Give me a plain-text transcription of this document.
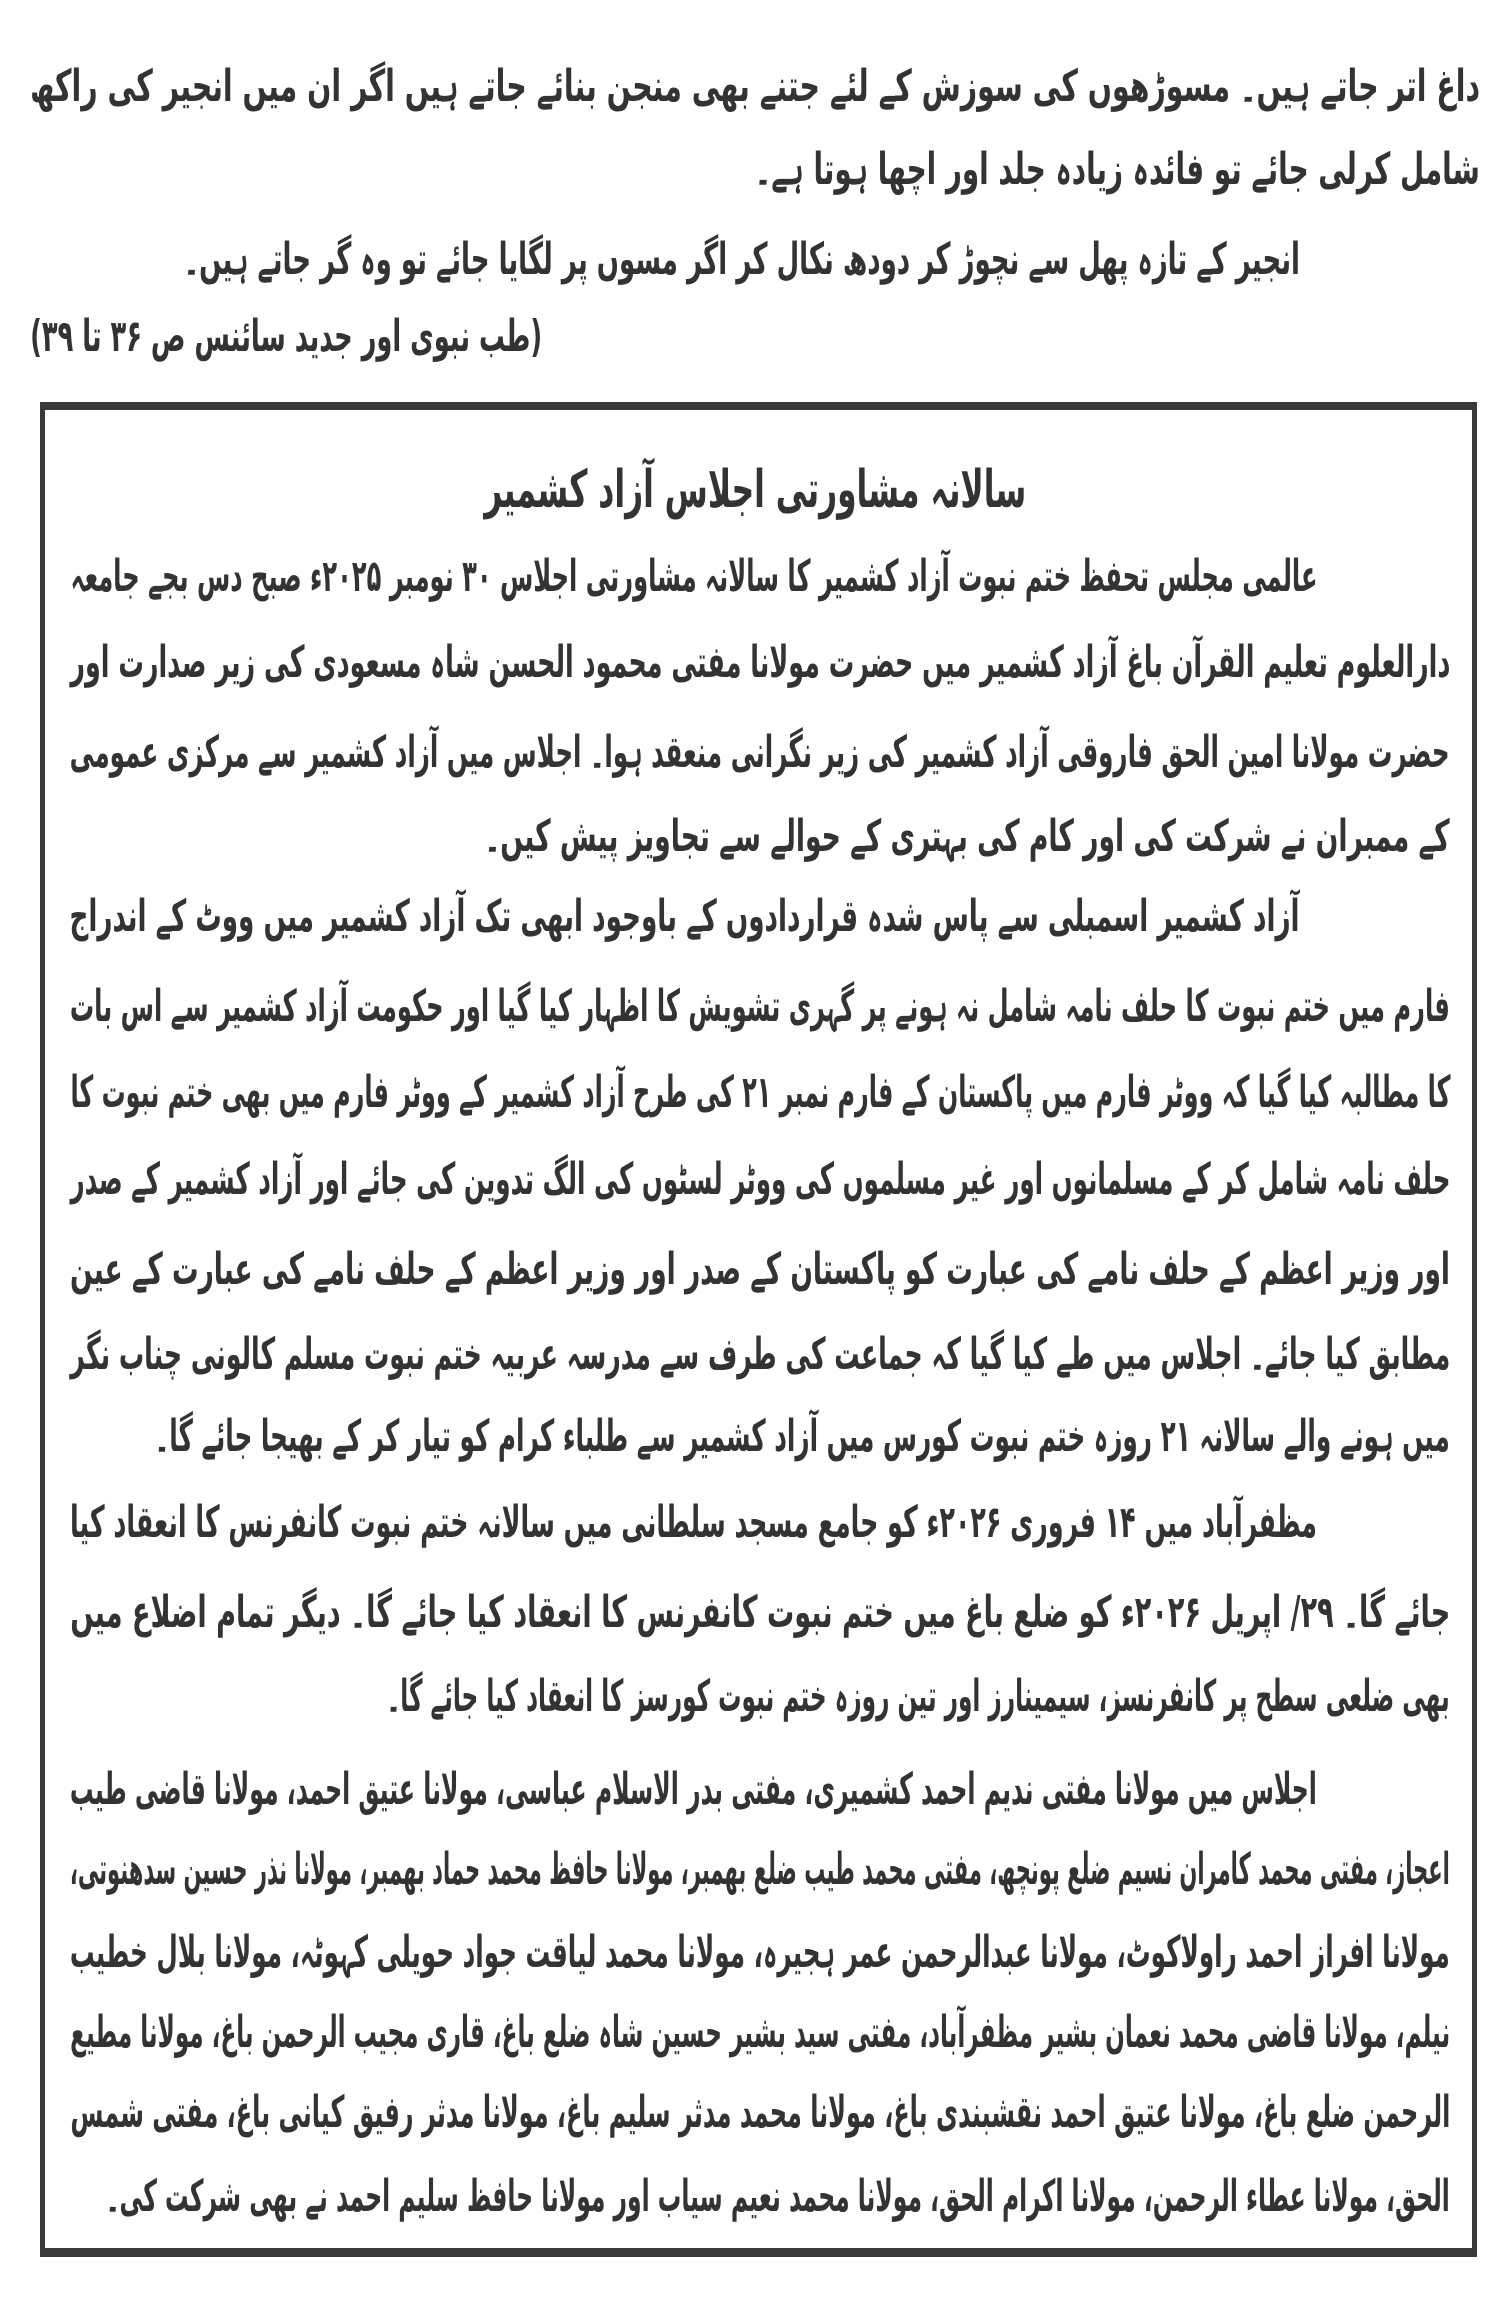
داغ اتر جاتے ہیں۔ مسوڑھوں کی سوزش کے لئے جتنے بھی منجن بنائے جاتے ہیں اگر ان میں انجیر کی راکھ
شامل کرلی جائے تو فائدہ زیادہ جلد اور اچھا ہوتا ہے۔
انجیر کے تازہ پھل سے نچوڑ کر دودھ نکال کر اگر مسوں پر لگایا جائے تو وہ گر جاتے ہیں۔
(طب نبوی اور جدید سائنس ص ۳۶ تا ۳۹)
سالانہ مشاورتی اجلاس آزاد کشمیر
عالمی مجلس تحفظ ختم نبوت آزاد کشمیر کا سالانہ مشاورتی اجلاس ۳۰ نومبر ۲۰۲۵ء صبح دس بجے جامعہ
دارالعلوم تعلیم القرآن باغ آزاد کشمیر میں حضرت مولانا مفتی محمود الحسن شاہ مسعودی کی زیر صدارت اور
حضرت مولانا امین الحق فاروقی آزاد کشمیر کی زیر نگرانی منعقد ہوا۔ اجلاس میں آزاد کشمیر سے مرکزی عمومی
کے ممبران نے شرکت کی اور کام کی بہتری کے حوالے سے تجاویز پیش کیں۔
آزاد کشمیر اسمبلی سے پاس شدہ قراردادوں کے باوجود ابھی تک آزاد کشمیر میں ووٹ کے اندراج
فارم میں ختم نبوت کا حلف نامہ شامل نہ ہونے پر گہری تشویش کا اظہار کیا گیا اور حکومت آزاد کشمیر سے اس بات
کا مطالبہ کیا گیا کہ ووٹر فارم میں پاکستان کے فارم نمبر ۲۱ کی طرح آزاد کشمیر کے ووٹر فارم میں بھی ختم نبوت کا
حلف نامہ شامل کر کے مسلمانوں اور غیر مسلموں کی ووٹر لسٹوں کی الگ تدوین کی جائے اور آزاد کشمیر کے صدر
اور وزیر اعظم کے حلف نامے کی عبارت کو پاکستان کے صدر اور وزیر اعظم کے حلف نامے کی عبارت کے عین
مطابق کیا جائے۔ اجلاس میں طے کیا گیا کہ جماعت کی طرف سے مدرسہ عربیہ ختم نبوت مسلم کالونی چناب نگر
میں ہونے والے سالانہ ۲۱ روزہ ختم نبوت کورس میں آزاد کشمیر سے طلباء کرام کو تیار کر کے بھیجا جائے گا۔
مظفرآباد میں ۱۴ فروری ۲۰۲۶ء کو جامع مسجد سلطانی میں سالانہ ختم نبوت کانفرنس کا انعقاد کیا
جائے گا۔ ۲۹/ اپریل ۲۰۲۶ء کو ضلع باغ میں ختم نبوت کانفرنس کا انعقاد کیا جائے گا۔ دیگر تمام اضلاع میں
بھی ضلعی سطح پر کانفرنسز، سیمینارز اور تین روزہ ختم نبوت کورسز کا انعقاد کیا جائے گا۔
اجلاس میں مولانا مفتی ندیم احمد کشمیری، مفتی بدر الاسلام عباسی، مولانا عتیق احمد، مولانا قاضی طیب
اعجاز، مفتی محمد کامران نسیم ضلع پونچھ، مفتی محمد طیب ضلع بھمبر، مولانا حافظ محمد حماد بھمبر، مولانا نذر حسین سدھنوتی،
مولانا افراز احمد راولاکوٹ، مولانا عبدالرحمن عمر ہجیرہ، مولانا محمد لیاقت جواد حویلی کہوٹہ، مولانا بلال خطیب
نیلم، مولانا قاضی محمد نعمان بشیر مظفرآباد، مفتی سید بشیر حسین شاہ ضلع باغ، قاری مجیب الرحمن باغ، مولانا مطیع
الرحمن ضلع باغ، مولانا عتیق احمد نقشبندی باغ، مولانا محمد مدثر سلیم باغ، مولانا مدثر رفیق کیانی باغ، مفتی شمس
الحق، مولانا عطاء الرحمن، مولانا اکرام الحق، مولانا محمد نعیم سیاب اور مولانا حافظ سلیم احمد نے بھی شرکت کی۔
